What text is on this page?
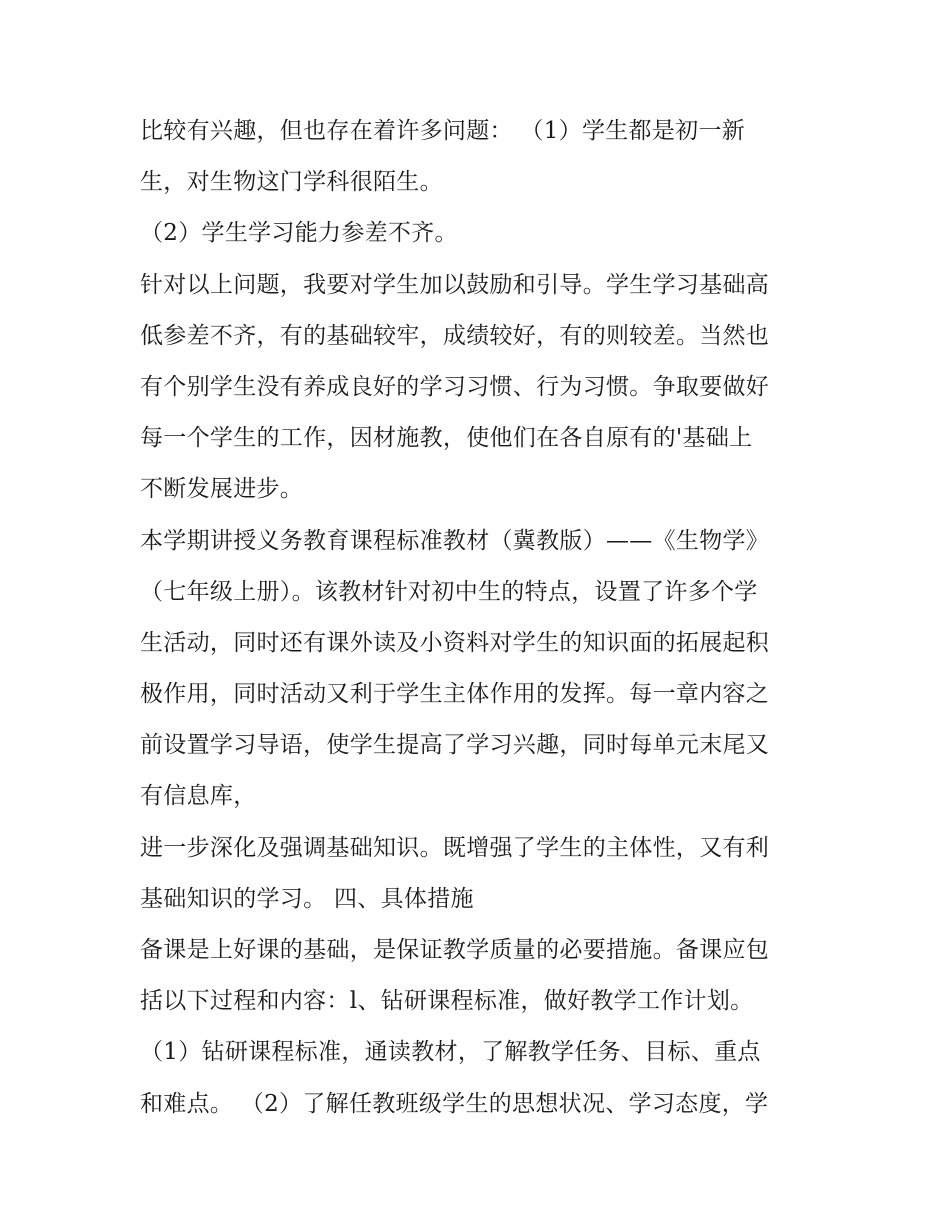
比较有兴趣，但也存在着许多问题： （1）学生都是初一新
生，对生物这门学科很陌生。
（2）学生学习能力参差不齐。
针对以上问题，我要对学生加以鼓励和引导。学生学习基础高
低参差不齐，有的基础较牢，成绩较好，有的则较差。当然也
有个别学生没有养成良好的学习习惯、行为习惯。争取要做好
每一个学生的工作，因材施教，使他们在各自原有的'基础上
不断发展进步。
本学期讲授义务教育课程标准教材（冀教版）——《生物学》
（七年级上册）。该教材针对初中生的特点，设置了许多个学
生活动，同时还有课外读及小资料对学生的知识面的拓展起积
极作用，同时活动又利于学生主体作用的发挥。每一章内容之
前设置学习导语，使学生提高了学习兴趣，同时每单元末尾又
有信息库，
进一步深化及强调基础知识。既增强了学生的主体性，又有利
基础知识的学习。 四、具体措施
备课是上好课的基础，是保证教学质量的必要措施。备课应包
括以下过程和内容：l、钻研课程标准，做好教学工作计划。
（1）钻研课程标准，通读教材，了解教学任务、目标、重点
和难点。 （2）了解任教班级学生的思想状况、学习态度，学
